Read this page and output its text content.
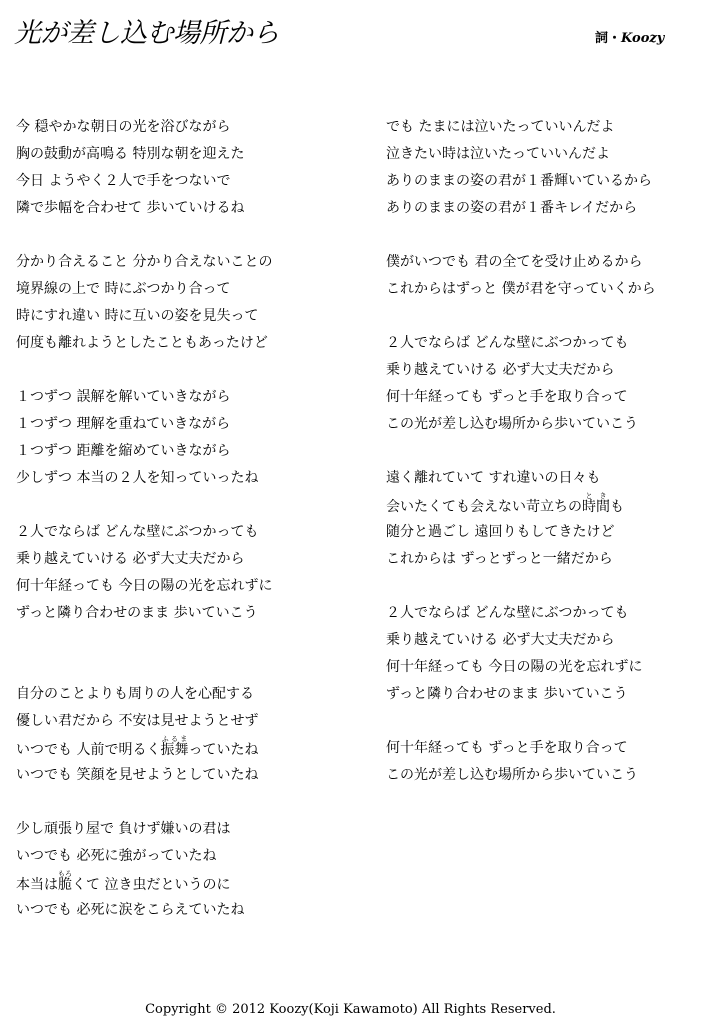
光が差し込む場所から	詞・Koozy
今 穏やかな朝日の光を浴びながら
胸の鼓動が高鳴る 特別な朝を迎えた
今日 ようやく２人で手をつないで
隣で歩幅を合わせて 歩いていけるね
分かり合えること 分かり合えないことの
境界線の上で 時にぶつかり合って
時にすれ違い 時に互いの姿を見失って
何度も離れようとしたこともあったけど
１つずつ 誤解を解いていきながら
１つずつ 理解を重ねていきながら
１つずつ 距離を縮めていきながら
少しずつ 本当の２人を知っていったね
２人でならば どんな壁にぶつかっても
乗り越えていける 必ず大丈夫だから
何十年経っても 今日の陽の光を忘れずに
ずっと隣り合わせのまま 歩いていこう
自分のことよりも周りの人を心配する
優しい君だから 不安は見せようとせず
いつでも 人前で明るく振舞ふるまっていたね
いつでも 笑顔を見せようとしていたね
少し頑張り屋で 負けず嫌いの君は
いつでも 必死に強がっていたね
本当は脆もろくて 泣き虫だというのに
いつでも 必死に涙をこらえていたね
でも たまには泣いたっていいんだよ
泣きたい時は泣いたっていいんだよ
ありのままの姿の君が１番輝いているから
ありのままの姿の君が１番キレイだから
僕がいつでも 君の全てを受け止めるから
これからはずっと 僕が君を守っていくから
２人でならば どんな壁にぶつかっても
乗り越えていける 必ず大丈夫だから
何十年経っても ずっと手を取り合って
この光が差し込む場所から歩いていこう
遠く離れていて すれ違いの日々も
会いたくても会えない苛立ちの時間ときも
随分と過ごし 遠回りもしてきたけど
これからは ずっとずっと一緒だから
２人でならば どんな壁にぶつかっても
乗り越えていける 必ず大丈夫だから
何十年経っても 今日の陽の光を忘れずに
ずっと隣り合わせのまま 歩いていこう
何十年経っても ずっと手を取り合って
この光が差し込む場所から歩いていこう
Copyright © 2012 Koozy(Koji Kawamoto) All Rights Reserved.
